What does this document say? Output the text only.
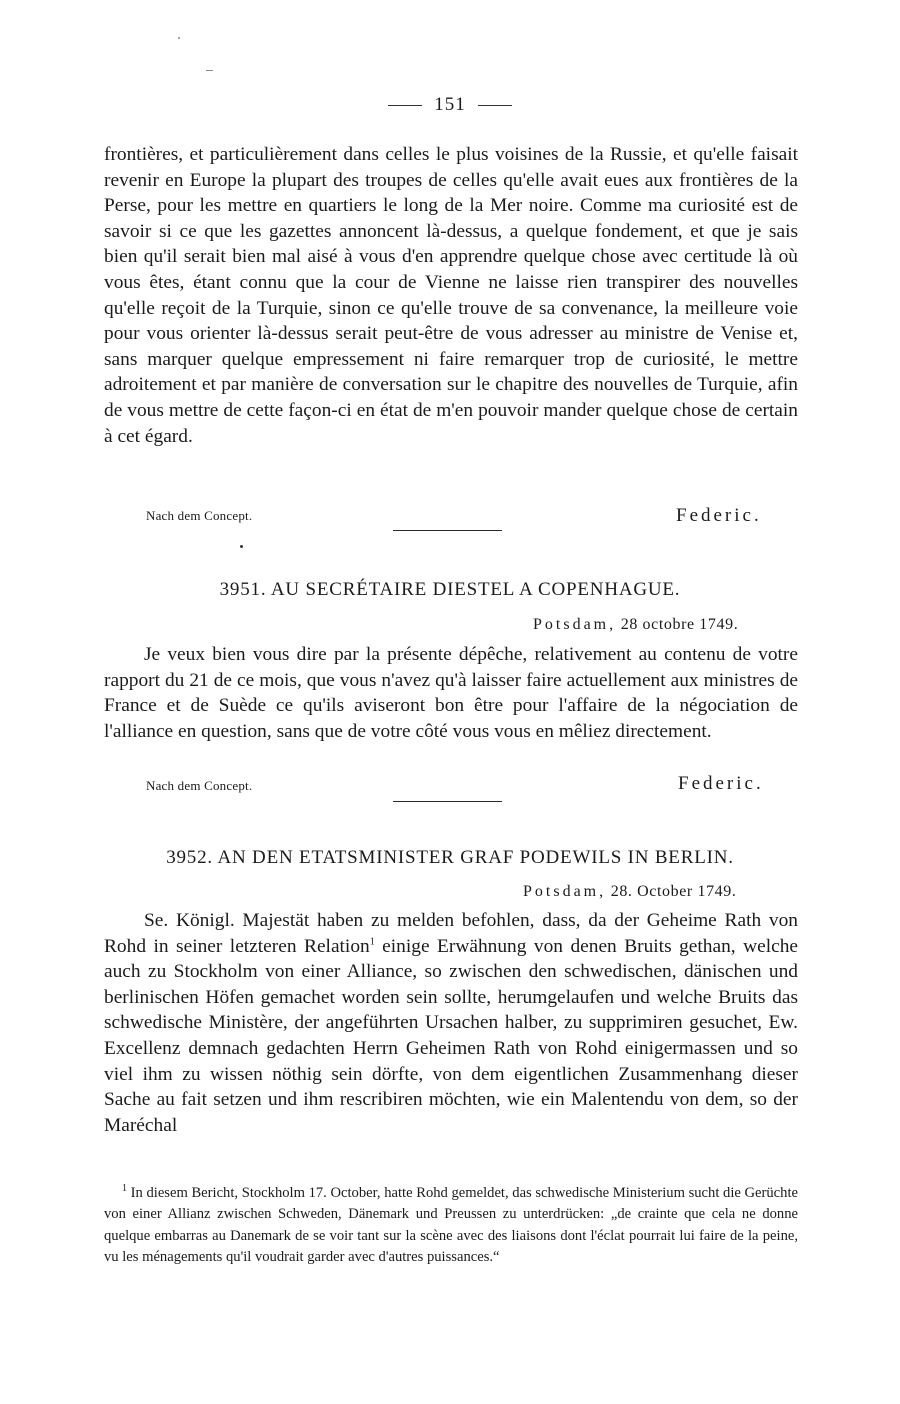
151

frontières, et particulièrement dans celles le plus voisines de la Russie, et qu'elle faisait revenir en Europe la plupart des troupes de celles qu'elle avait eues aux frontières de la Perse, pour les mettre en quartiers le long de la Mer noire. Comme ma curiosité est de savoir si ce que les gazettes annoncent là-dessus, a quelque fondement, et que je sais bien qu'il serait bien mal aisé à vous d'en apprendre quelque chose avec certitude là où vous êtes, étant connu que la cour de Vienne ne laisse rien transpirer des nouvelles qu'elle reçoit de la Turquie, sinon ce qu'elle trouve de sa convenance, la meilleure voie pour vous orienter là-dessus serait peut-être de vous adresser au ministre de Venise et, sans marquer quelque empressement ni faire remarquer trop de curiosité, le mettre adroitement et par manière de conversation sur le chapitre des nouvelles de Turquie, afin de vous mettre de cette façon-ci en état de m'en pouvoir mander quelque chose de certain à cet égard.

Nach dem Concept.	Federic.
3951. AU SECRÉTAIRE DIESTEL A COPENHAGUE.
Potsdam, 28 octobre 1749.

Je veux bien vous dire par la présente dépêche, relativement au contenu de votre rapport du 21 de ce mois, que vous n'avez qu'à laisser faire actuellement aux ministres de France et de Suède ce qu'ils aviseront bon être pour l'affaire de la négociation de l'alliance en question, sans que de votre côté vous vous en mêliez directement.

Nach dem Concept.	Federic.
3952. AN DEN ETATSMINISTER GRAF PODEWILS IN BERLIN.
Potsdam, 28. October 1749.

Se. Königl. Majestät haben zu melden befohlen, dass, da der Geheime Rath von Rohd in seiner letzteren Relation$^1$ einige Erwähnung von denen Bruits gethan, welche auch zu Stockholm von einer Alliance, so zwischen den schwedischen, dänischen und berlinischen Höfen gemachet worden sein sollte, herumgelaufen und welche Bruits das schwedische Ministère, der angeführten Ursachen halber, zu supprimiren gesuchet, Ew. Excellenz demnach gedachten Herrn Geheimen Rath von Rohd einigermassen und so viel ihm zu wissen nöthig sein dörfte, von dem eigentlichen Zusammenhang dieser Sache au fait setzen und ihm rescribiren möchten, wie ein Malentendu von dem, so der Maréchal

$^1$ In diesem Bericht, Stockholm 17. October, hatte Rohd gemeldet, das schwedische Ministerium sucht die Gerüchte von einer Allianz zwischen Schweden, Dänemark und Preussen zu unterdrücken: „de crainte que cela ne donne quelque embarras au Danemark de se voir tant sur la scène avec des liaisons dont l'éclat pourrait lui faire de la peine, vu les ménagements qu'il voudrait garder avec d'autres puissances.“
